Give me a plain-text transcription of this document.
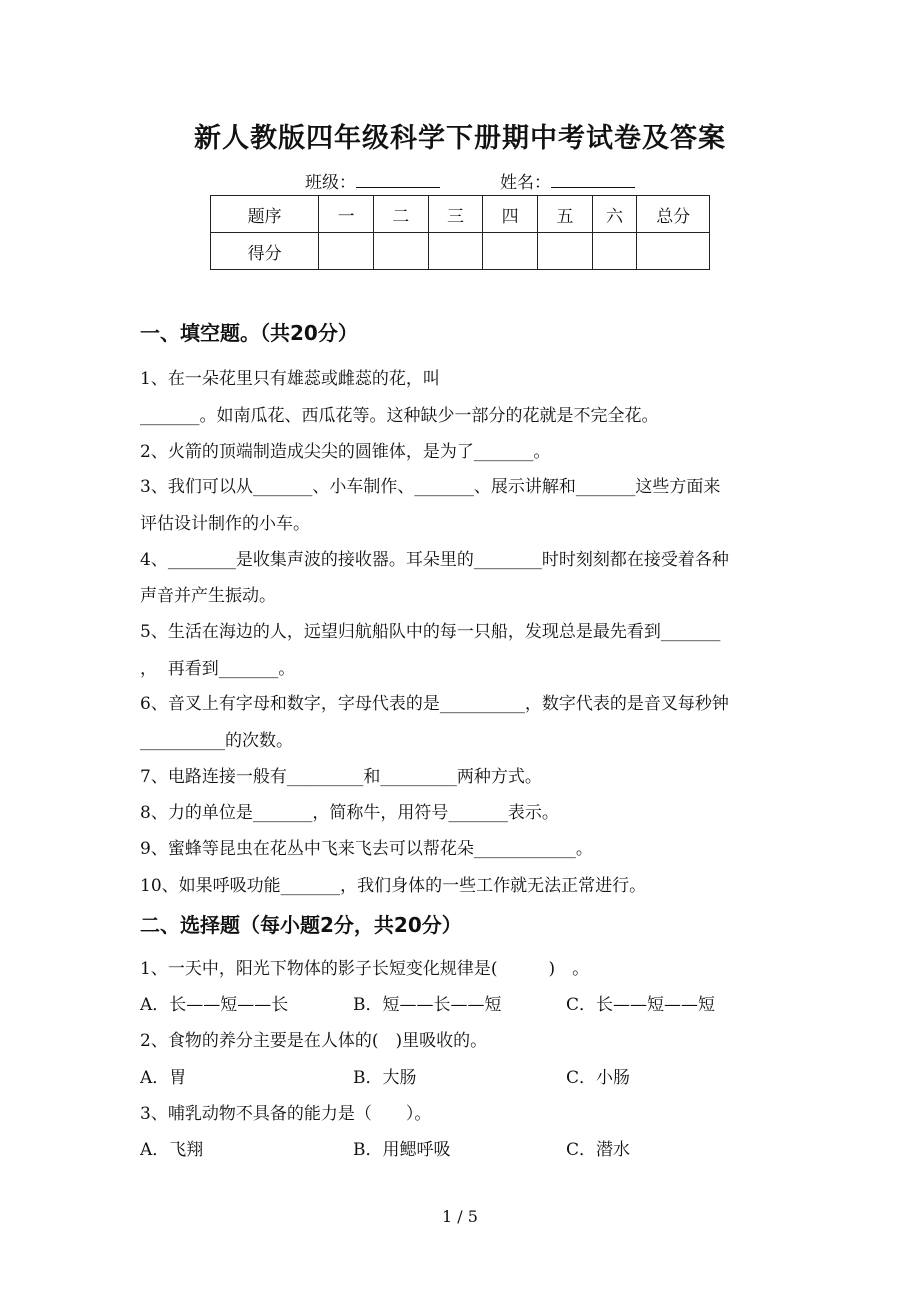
新人教版四年级科学下册期中考试卷及答案
班级：	姓名：
题序	一	二	三	四	五	六	总分
得分							
一、填空题。（共20分）
1、在一朵花里只有雄蕊或雌蕊的花，叫
_______。如南瓜花、西瓜花等。这种缺少一部分的花就是不完全花。
2、火箭的顶端制造成尖尖的圆锥体，是为了_______。
3、我们可以从_______、小车制作、_______、展示讲解和_______这些方面来
评估设计制作的小车。
4、________是收集声波的接收器。耳朵里的________时时刻刻都在接受着各种
声音并产生振动。
5、生活在海边的人，远望归航船队中的每一只船，发现总是最先看到_______
，  再看到_______。
6、音叉上有字母和数字，字母代表的是__________，数字代表的是音叉每秒钟
__________的次数。
7、电路连接一般有_________和_________两种方式。
8、力的单位是_______，简称牛，用符号_______表示。
9、蜜蜂等昆虫在花丛中飞来飞去可以帮花朵____________。
10、如果呼吸功能_______，我们身体的一些工作就无法正常进行。
二、选择题（每小题2分，共20分）
1、一天中，阳光下物体的影子长短变化规律是(　　　)　。
A．长——短——长	B．短——长——短	C．长——短——短
2、食物的养分主要是在人体的(　)里吸收的。
A．胃	B．大肠	C．小肠
3、哺乳动物不具备的能力是（　　）。
A．飞翔	B．用鳃呼吸	C．潜水
1 / 5
